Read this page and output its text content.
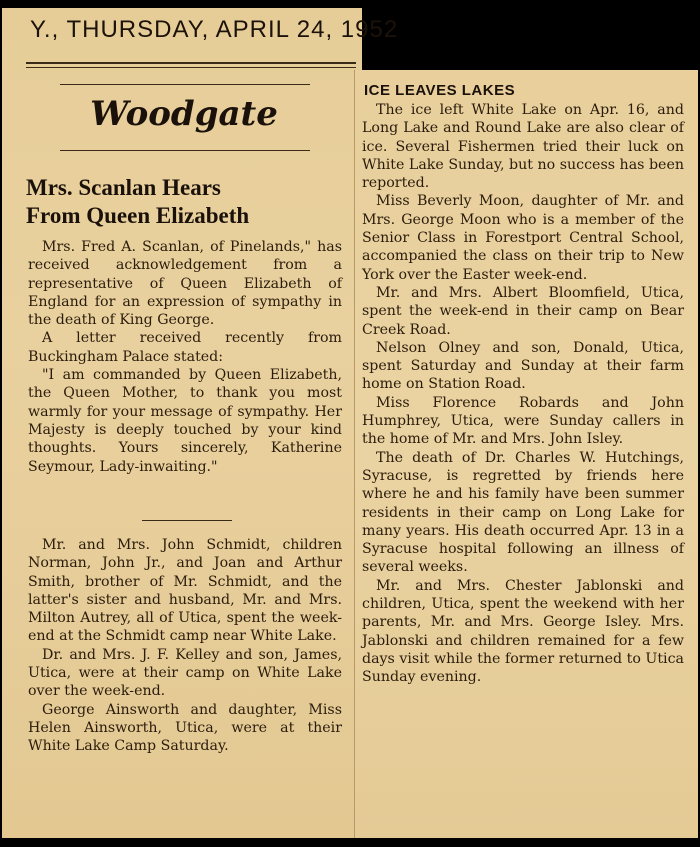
Y., THURSDAY, APRIL 24, 1952
Woodgate
Mrs. Scanlan Hears
From Queen Elizabeth

Mrs. Fred A. Scanlan, of Pinelands," has received acknowledgement from a representative of Queen Elizabeth of England for an expression of sympathy in the death of King George.

A letter received recently from Buckingham Palace stated:

"I am commanded by Queen Elizabeth, the Queen Mother, to thank you most warmly for your message of sympathy. Her Majesty is deeply touched by your kind thoughts. Yours sincerely, Katherine Seymour, Lady-inwaiting."

Mr. and Mrs. John Schmidt, children Norman, John Jr., and Joan and Arthur Smith, brother of Mr. Schmidt, and the latter's sister and husband, Mr. and Mrs. Milton Autrey, all of Utica, spent the week-end at the Schmidt camp near White Lake.

Dr. and Mrs. J. F. Kelley and son, James, Utica, were at their camp on White Lake over the week-end.

George Ainsworth and daughter, Miss Helen Ainsworth, Utica, were at their White Lake Camp Saturday.

ICE LEAVES LAKES

The ice left White Lake on Apr. 16, and Long Lake and Round Lake are also clear of ice. Several Fishermen tried their luck on White Lake Sunday, but no success has been reported.

Miss Beverly Moon, daughter of Mr. and Mrs. George Moon who is a member of the Senior Class in Forestport Central School, accompanied the class on their trip to New York over the Easter week-end.

Mr. and Mrs. Albert Bloomfield, Utica, spent the week-end in their camp on Bear Creek Road.

Nelson Olney and son, Donald, Utica, spent Saturday and Sunday at their farm home on Station Road.

Miss Florence Robards and John Humphrey, Utica, were Sunday callers in the home of Mr. and Mrs. John Isley.

The death of Dr. Charles W. Hutchings, Syracuse, is regretted by friends here where he and his family have been summer residents in their camp on Long Lake for many years. His death occurred Apr. 13 in a Syracuse hospital following an illness of several weeks.

Mr. and Mrs. Chester Jablonski and children, Utica, spent the weekend with her parents, Mr. and Mrs. George Isley. Mrs. Jablonski and children remained for a few days visit while the former returned to Utica Sunday evening.
